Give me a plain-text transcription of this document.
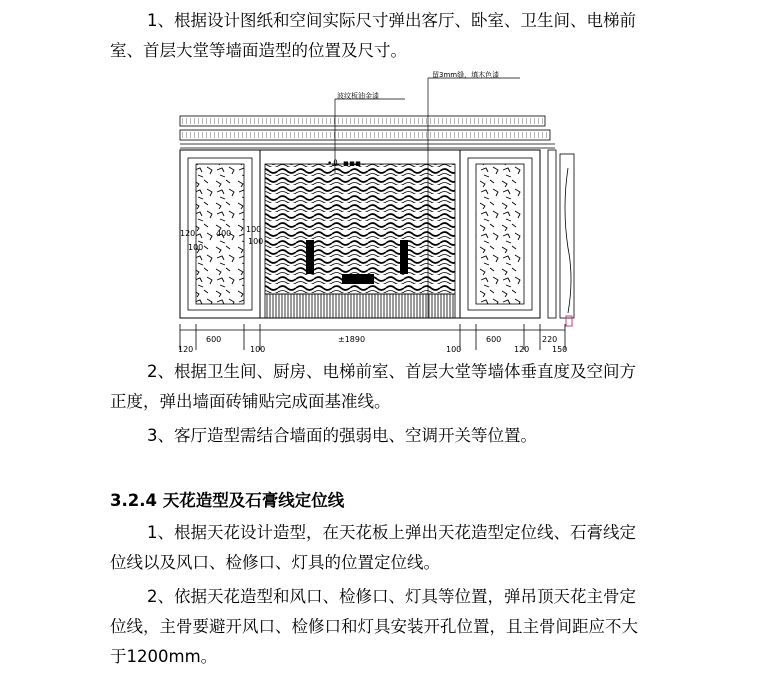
1、根据设计图纸和空间实际尺寸弹出客厅、卧室、卫生间、电梯前室、首层大堂等墙面造型的位置及尺寸。

留3mm缝，填木色漆
波纹板油金漆
•Ꮂ ▪▪▪
120	400
100
100
100
600	±1890	600	220
120	100	100	120	150

2、根据卫生间、厨房、电梯前室、首层大堂等墙体垂直度及空间方正度，弹出墙面砖铺贴完成面基准线。

3、客厅造型需结合墙面的强弱电、空调开关等位置。

3.2.4 天花造型及石膏线定位线

1、根据天花设计造型，在天花板上弹出天花造型定位线、石膏线定位线以及风口、检修口、灯具的位置定位线。

2、依据天花造型和风口、检修口、灯具等位置，弹吊顶天花主骨定位线，主骨要避开风口、检修口和灯具安装开孔位置，且主骨间距应不大于1200mm。
